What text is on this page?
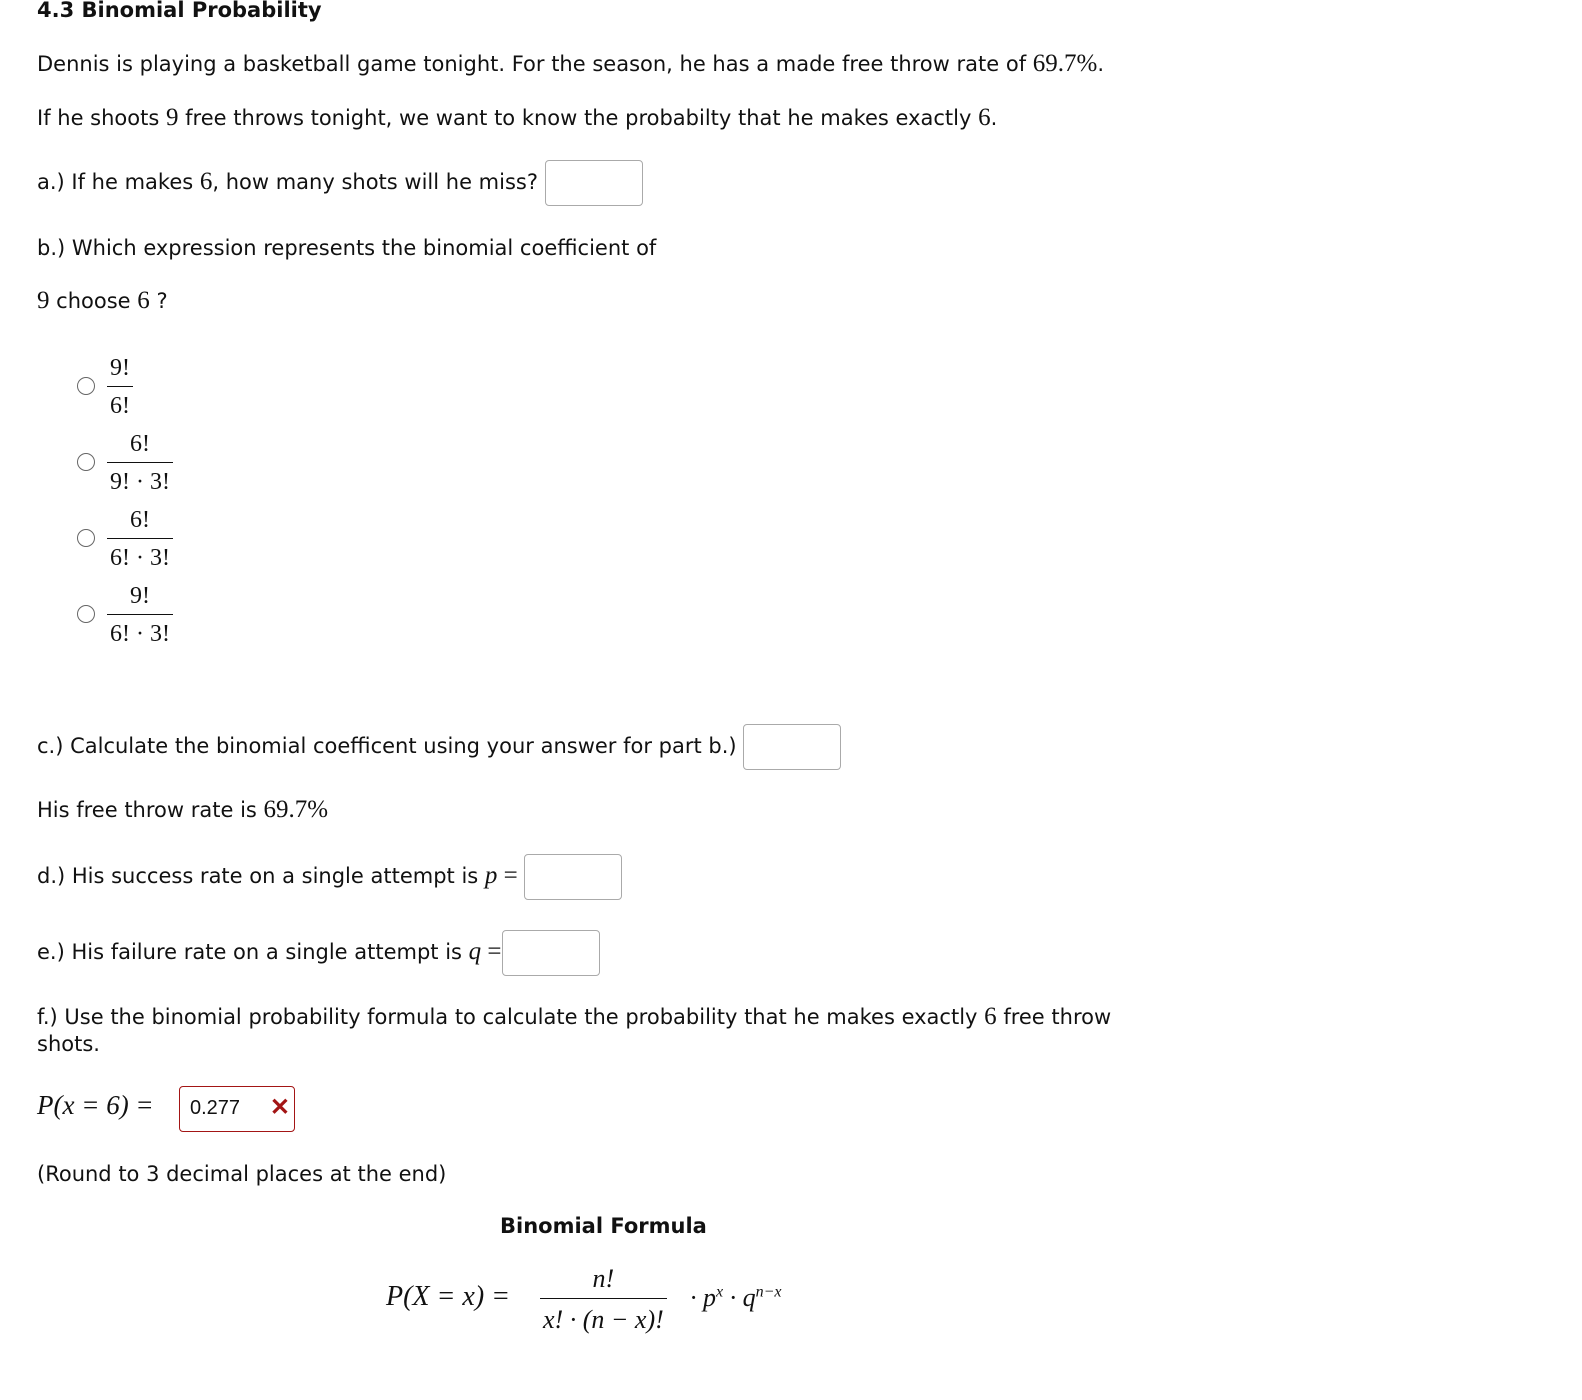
4.3 Binomial Probability
Dennis is playing a basketball game tonight. For the season, he has a made free throw rate of 69.7%.
If he shoots 9 free throws tonight, we want to know the probabilty that he makes exactly 6.
a.) If he makes 6, how many shots will he miss?
b.) Which expression represents the binomial coefficient of
9 choose 6 ?
$\frac{9!}{6!}$
$\frac{6!}{9! \cdot 3!}$
$\frac{6!}{6! \cdot 3!}$
$\frac{9!}{6! \cdot 3!}$
c.) Calculate the binomial coefficent using your answer for part b.)
His free throw rate is 69.7%
d.) His success rate on a single attempt is p =
e.) His failure rate on a single attempt is q =
f.) Use the binomial probability formula to calculate the probability that he makes exactly 6 free throw
shots.
P(x = 6) = 0.277 ✕
(Round to 3 decimal places at the end)
Binomial Formula
$P(X = x) = \frac{n!}{x! \cdot (n - x)!} \cdot p^x \cdot q^{n-x}$
